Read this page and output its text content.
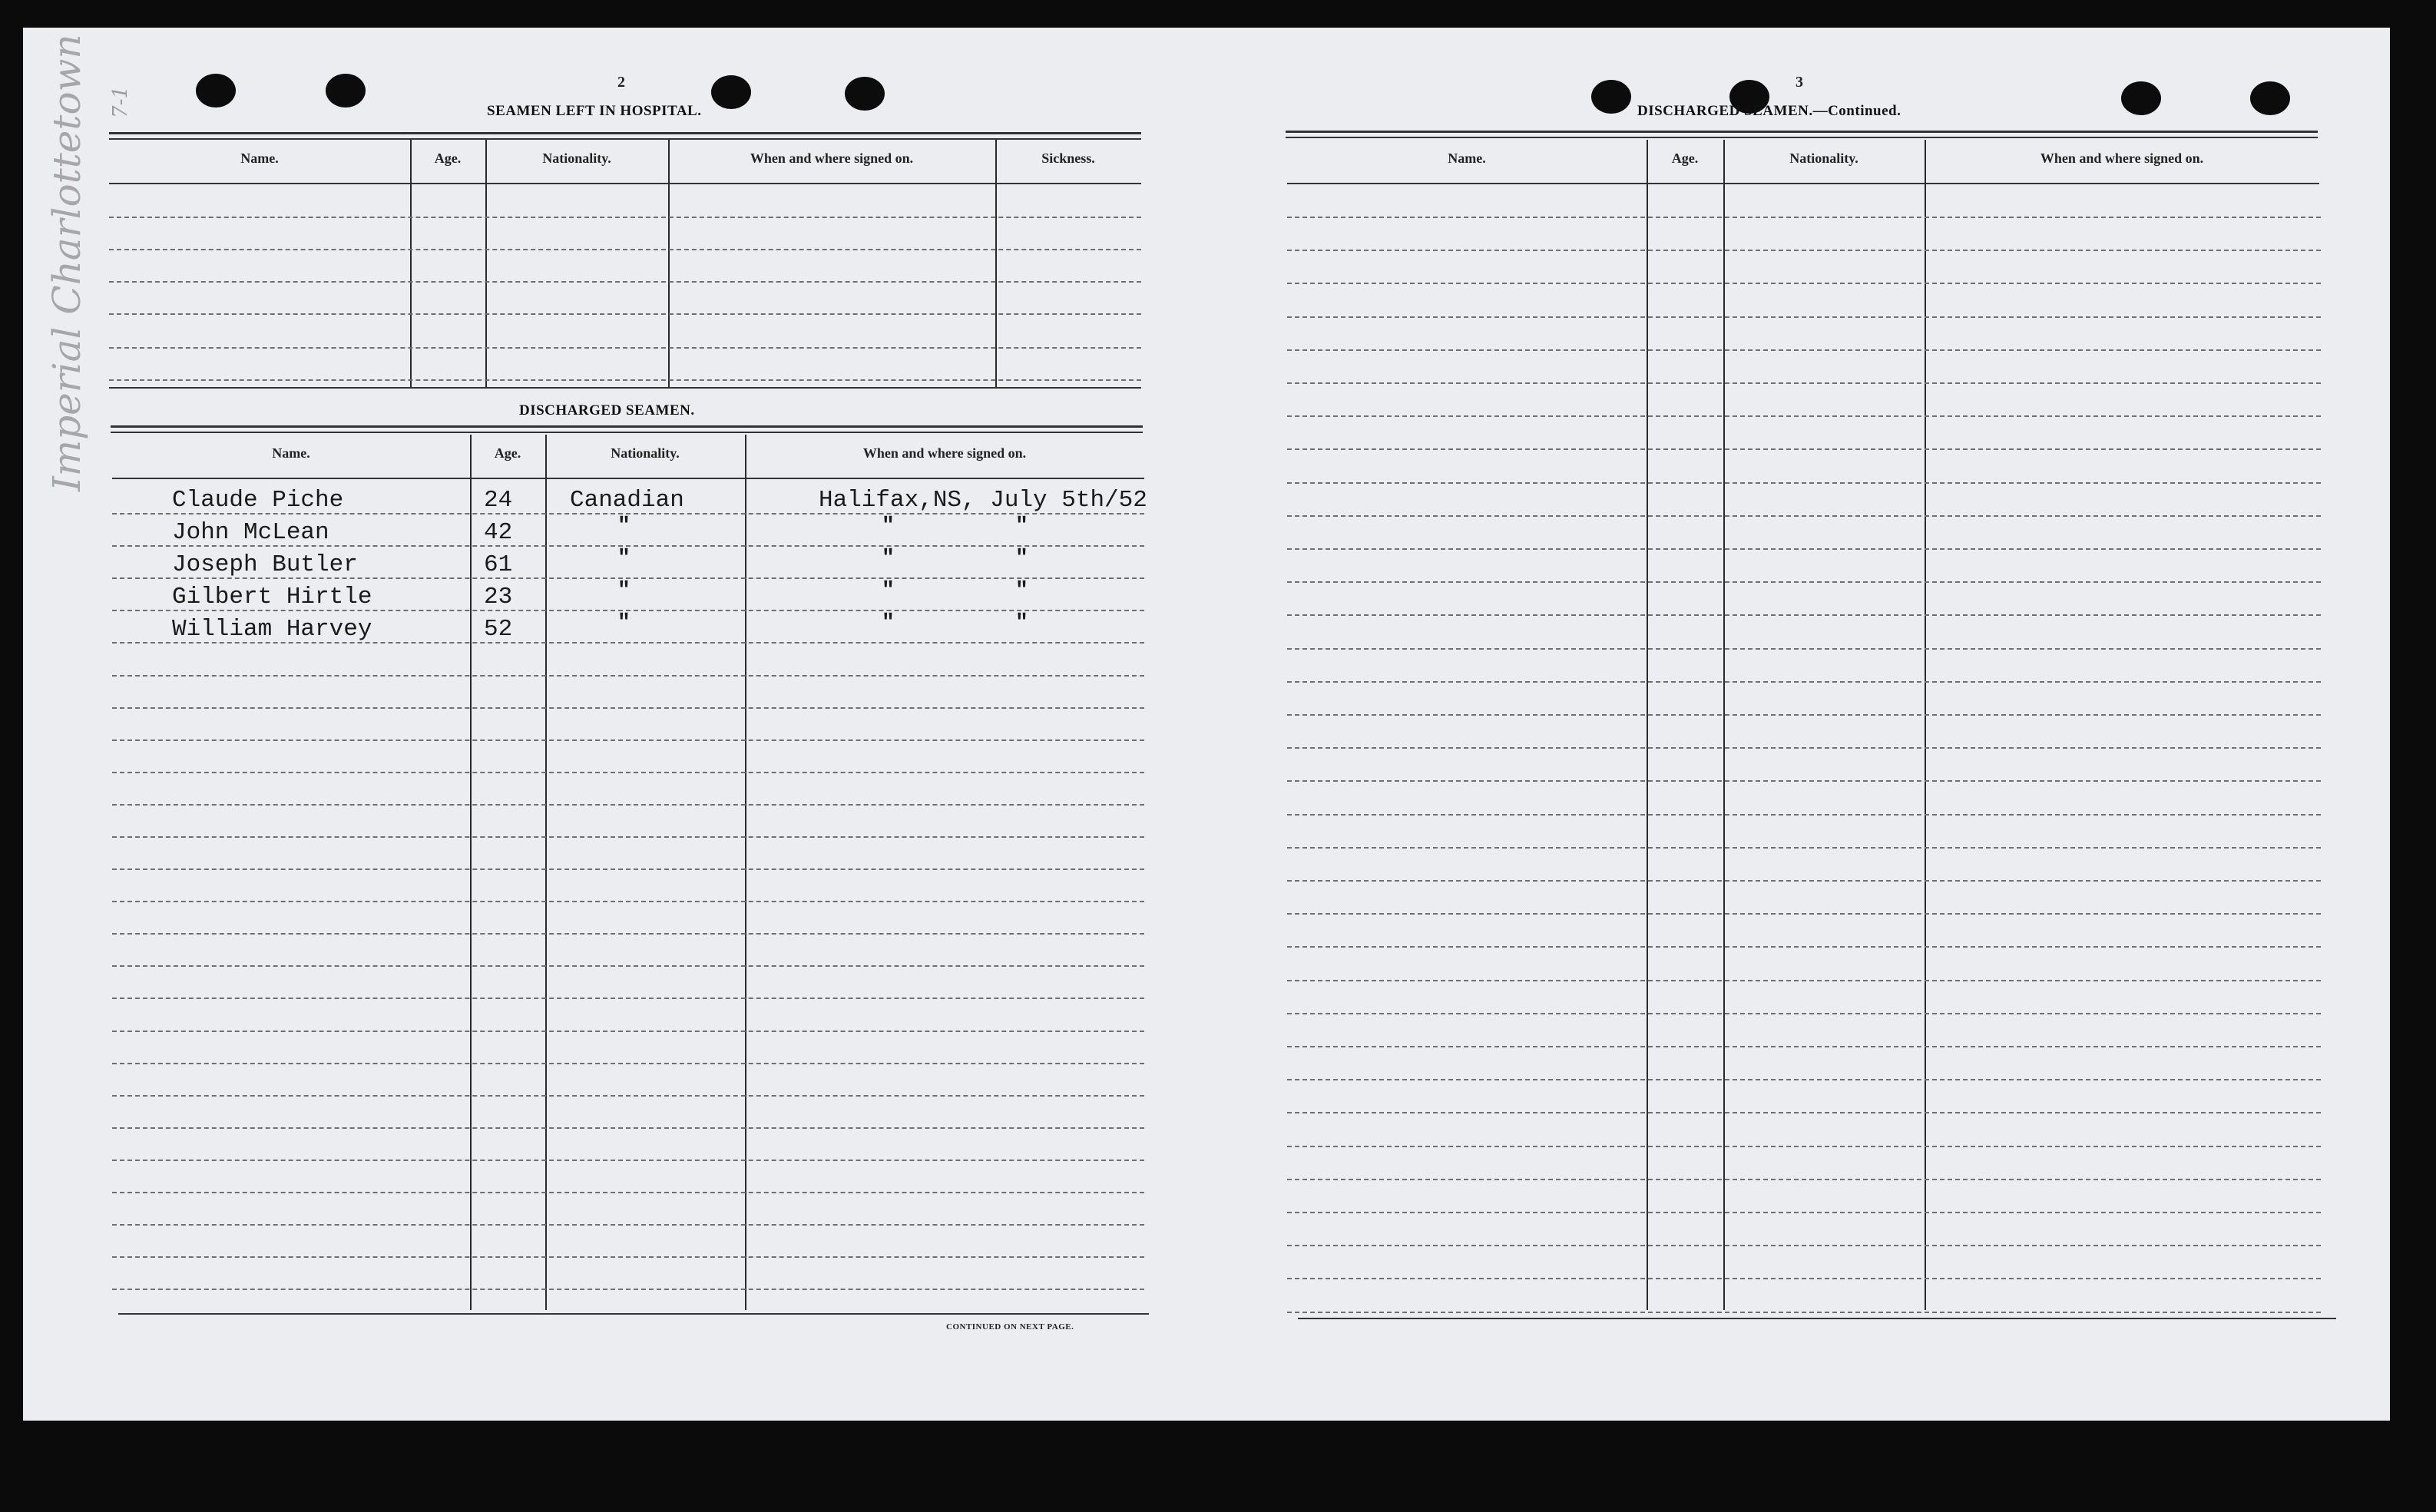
Imperial Charlottetown 7-1
2
SEAMEN LEFT IN HOSPITAL.
Name.	Age.	Nationality.	When and where signed on.	Sickness.
DISCHARGED SEAMEN.
Name.	Age.	Nationality.	When and where signed on.
Claude Piche	24 Canadian	Halifax,NS, July 5th/52
John McLean	42	"	"	"
Joseph Butler	61	"	"	"
Gilbert Hirtle	23	"	"	"
William Harvey	52	"	"	"
CONTINUED ON NEXT PAGE.
3
DISCHARGED SEAMEN.—Continued.
Name.	Age.	Nationality.	When and where signed on.
